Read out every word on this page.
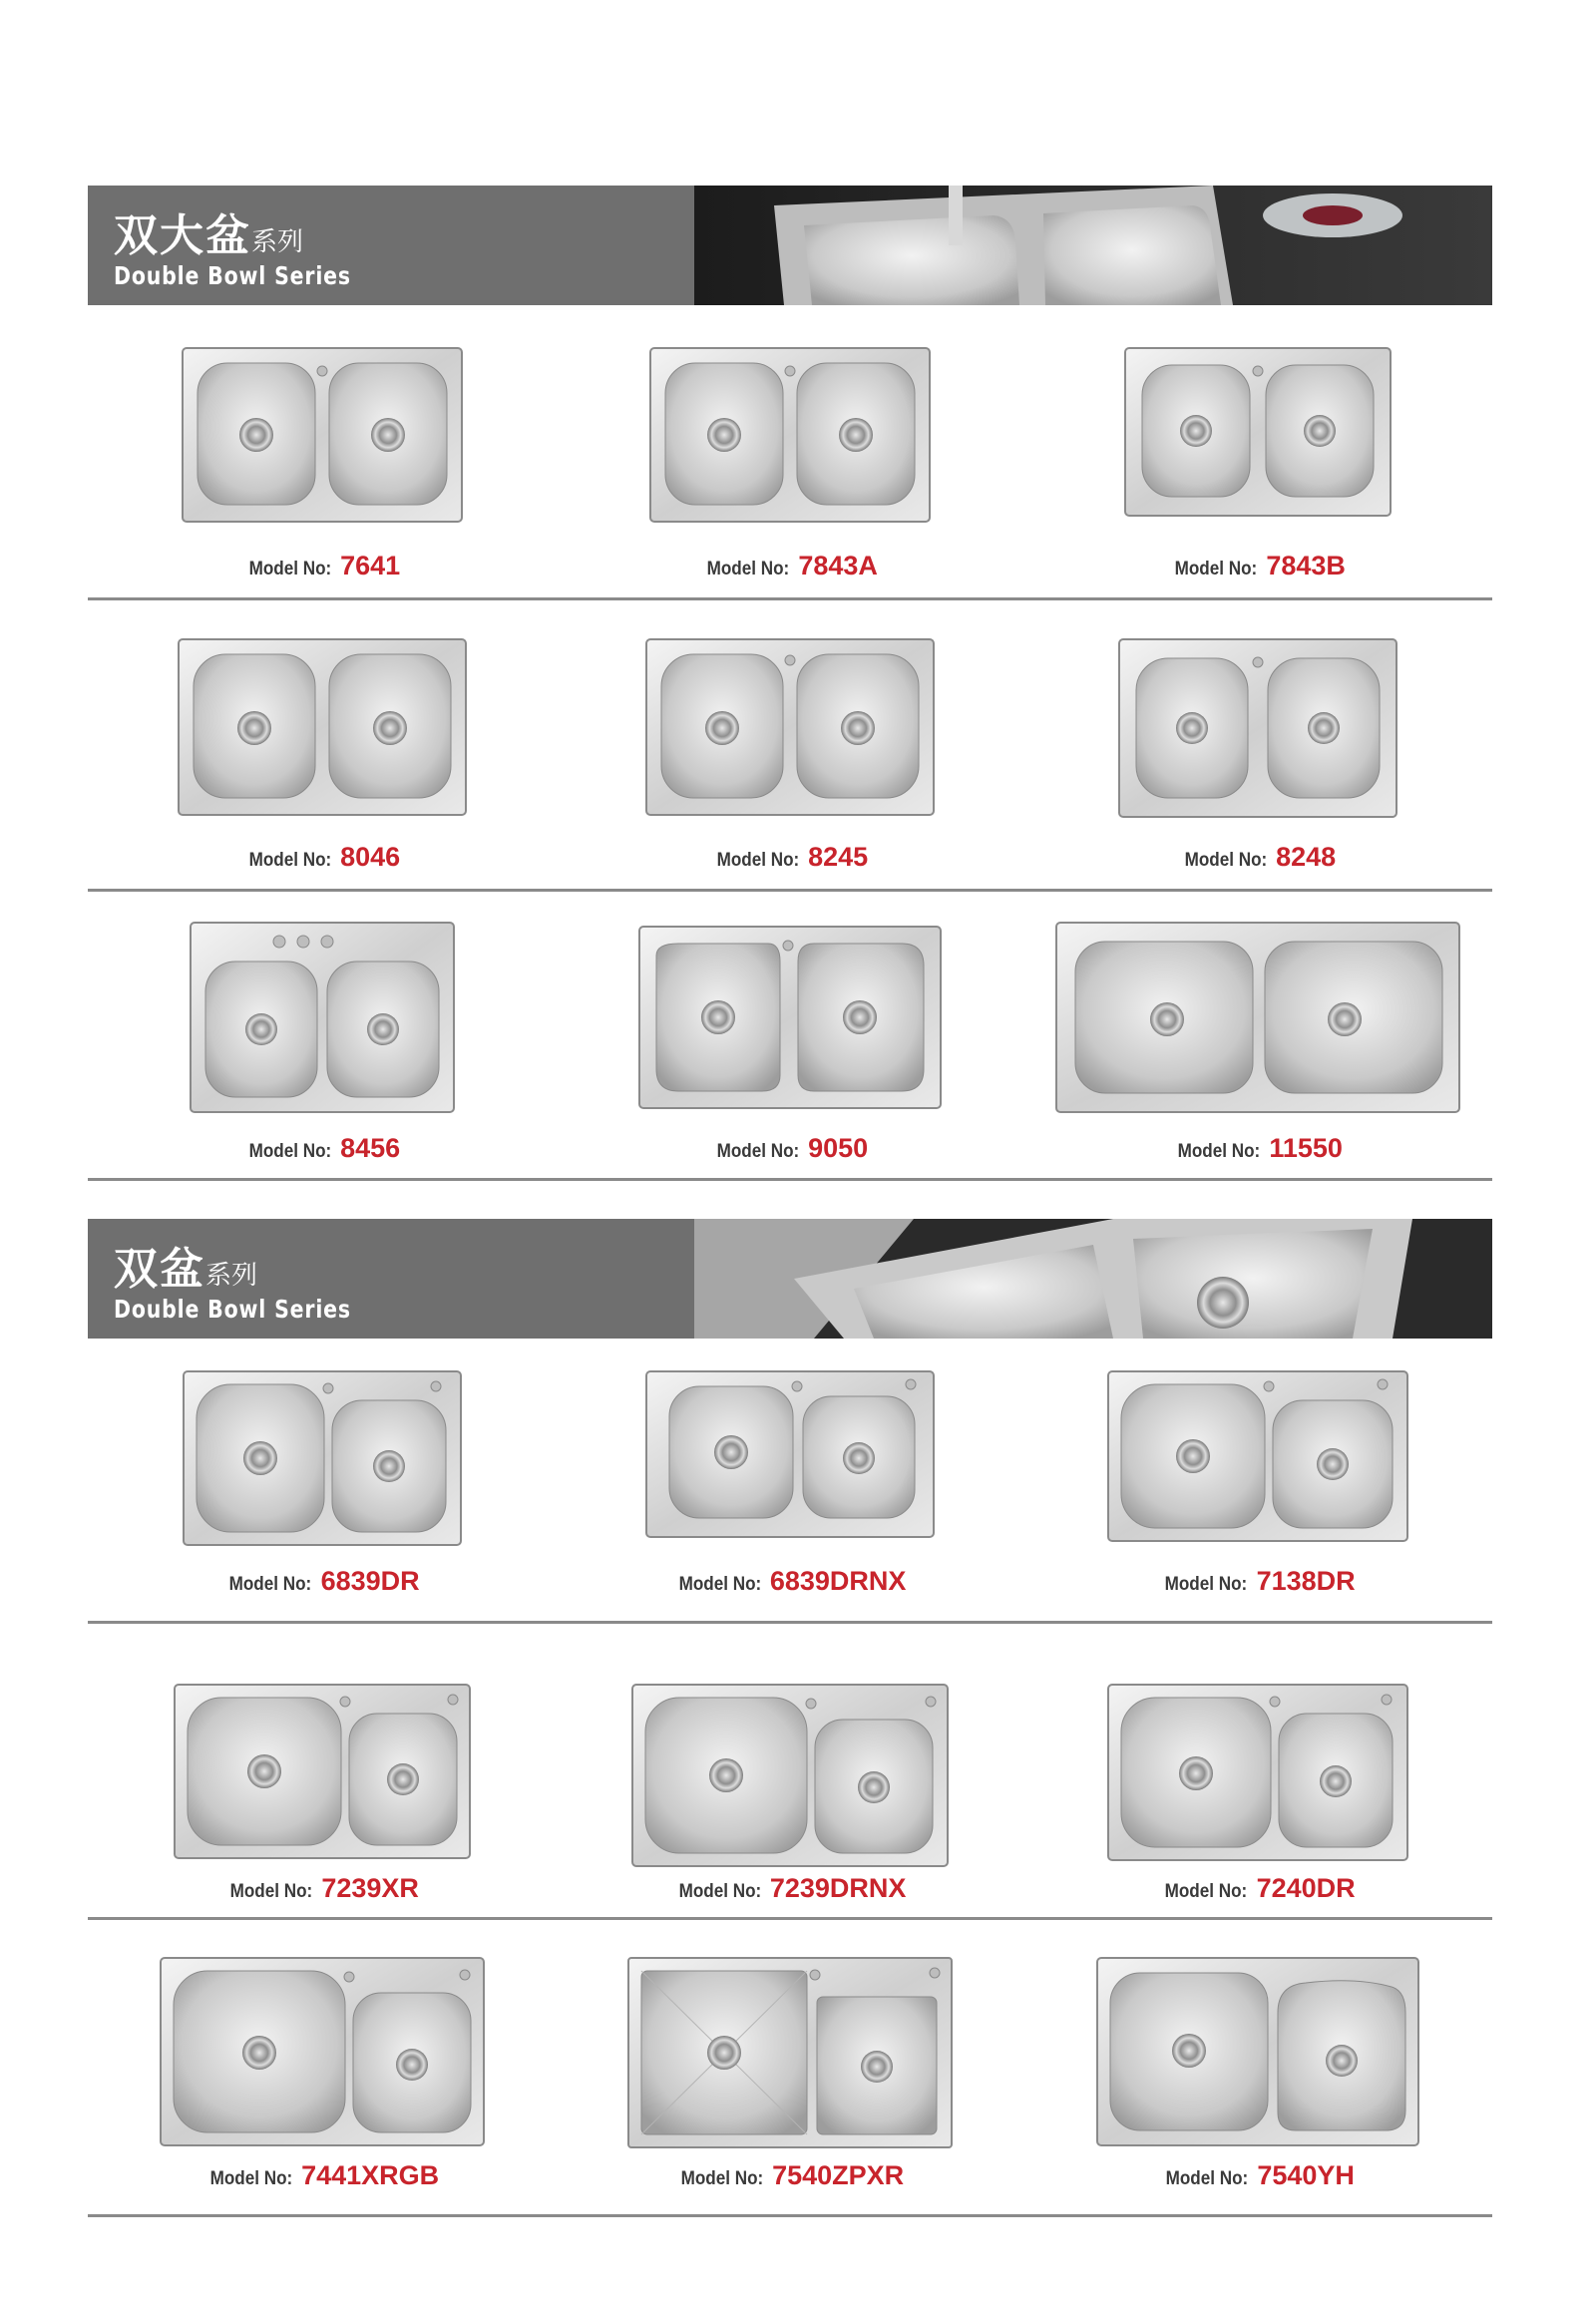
双大盆系列
Double Bowl Series
Model No: 7641	Model No: 7843A	Model No: 7843B
Model No: 8046	Model No: 8245	Model No: 8248
Model No: 8456	Model No: 9050	Model No: 11550
双盆系列
Double Bowl Series
Model No: 6839DR	Model No: 6839DRNX	Model No: 7138DR
Model No: 7239XR	Model No: 7239DRNX	Model No: 7240DR
Model No: 7441XRGB	Model No: 7540ZPXR	Model No: 7540YH
